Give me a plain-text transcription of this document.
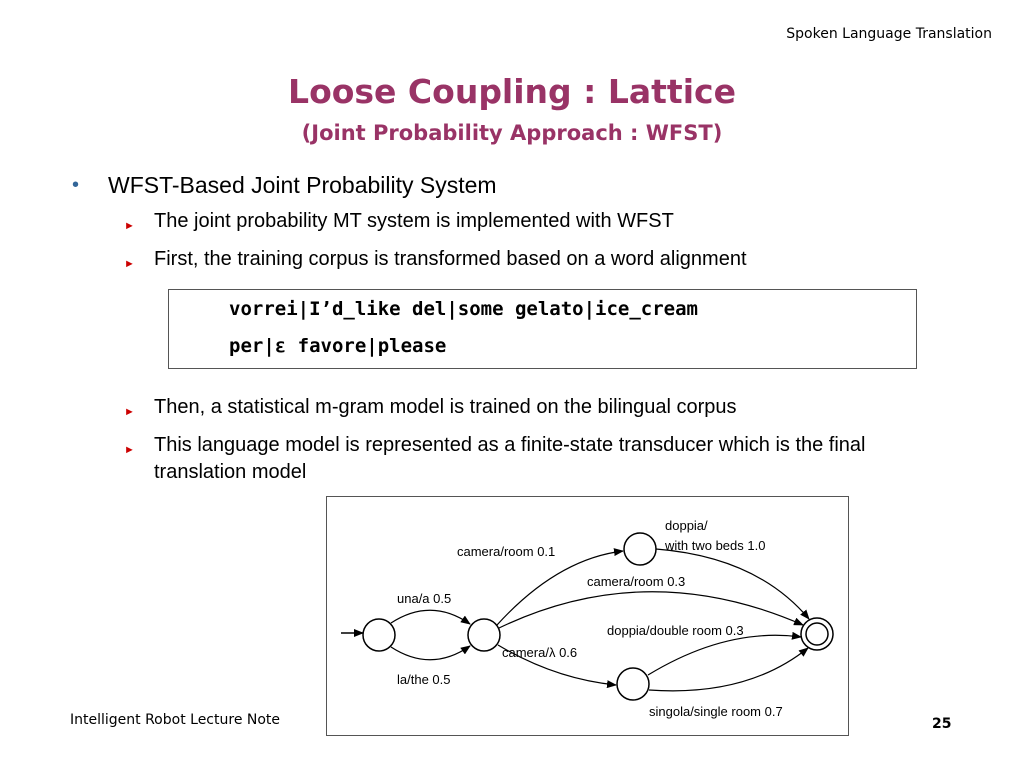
Spoken Language Translation
Loose Coupling : Lattice
(Joint Probability Approach : WFST)
• WFST-Based Joint Probability System
► The joint probability MT system is implemented with WFST
► First, the training corpus is transformed based on a word alignment
vorrei|I’d_like del|some gelato|ice_cream
per|ε favore|please
► Then, a statistical m-gram model is trained on the bilingual corpus
► This language model is represented as a finite-state transducer which is the final translation model
una/a 0.5
la/the 0.5
camera/room 0.1
doppia/
with two beds 1.0
camera/room 0.3
doppia/double room 0.3
camera/λ 0.6
singola/single room 0.7
Intelligent Robot Lecture Note	25
